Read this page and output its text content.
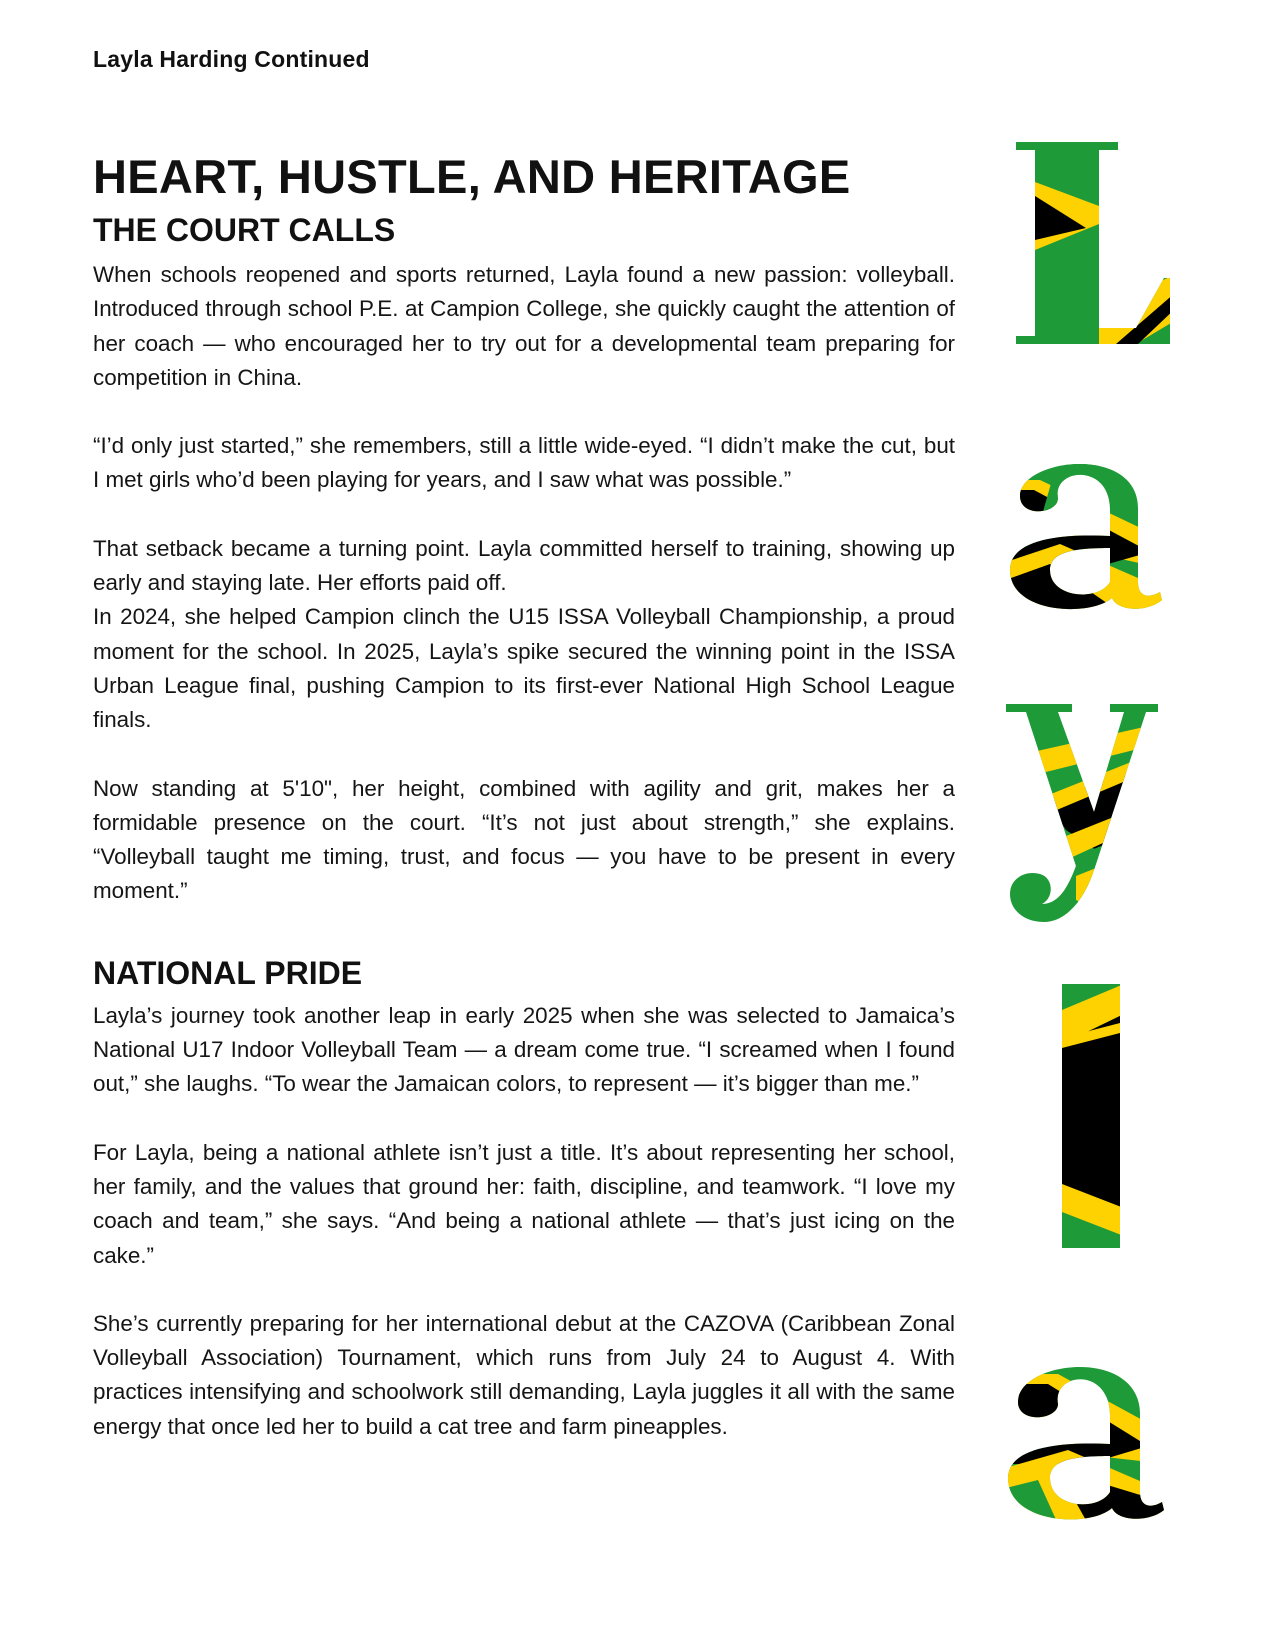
Layla Harding Continued
HEART, HUSTLE, AND HERITAGE
THE COURT CALLS

When schools reopened and sports returned, Layla found a new passion: volleyball. Introduced through school P.E. at Campion College, she quickly caught the attention of her coach — who encouraged her to try out for a developmental team preparing for competition in China.

“I’d only just started,” she remembers, still a little wide-eyed. “I didn’t make the cut, but I met girls who’d been playing for years, and I saw what was possible.”

That setback became a turning point. Layla committed herself to training, showing up early and staying late. Her efforts paid off.

In 2024, she helped Campion clinch the U15 ISSA Volleyball Championship, a proud moment for the school. In 2025, Layla’s spike secured the winning point in the ISSA Urban League final, pushing Campion to its first-ever National High School League finals.

Now standing at 5'10", her height, combined with agility and grit, makes her a formidable presence on the court. “It’s not just about strength,” she explains. “Volleyball taught me timing, trust, and focus — you have to be present in every moment.”

NATIONAL PRIDE

Layla’s journey took another leap in early 2025 when she was selected to Jamaica’s National U17 Indoor Volleyball Team — a dream come true. “I screamed when I found out,” she laughs. “To wear the Jamaican colors, to represent — it’s bigger than me.”

For Layla, being a national athlete isn’t just a title. It’s about representing her school, her family, and the values that ground her: faith, discipline, and teamwork. “I love my coach and team,” she says. “And being a national athlete — that’s just icing on the cake.”

She’s currently preparing for her international debut at the CAZOVA (Caribbean Zonal Volleyball Association) Tournament, which runs from July 24 to August 4. With practices intensifying and schoolwork still demanding, Layla juggles it all with the same energy that once led her to build a cat tree and farm pineapples.
